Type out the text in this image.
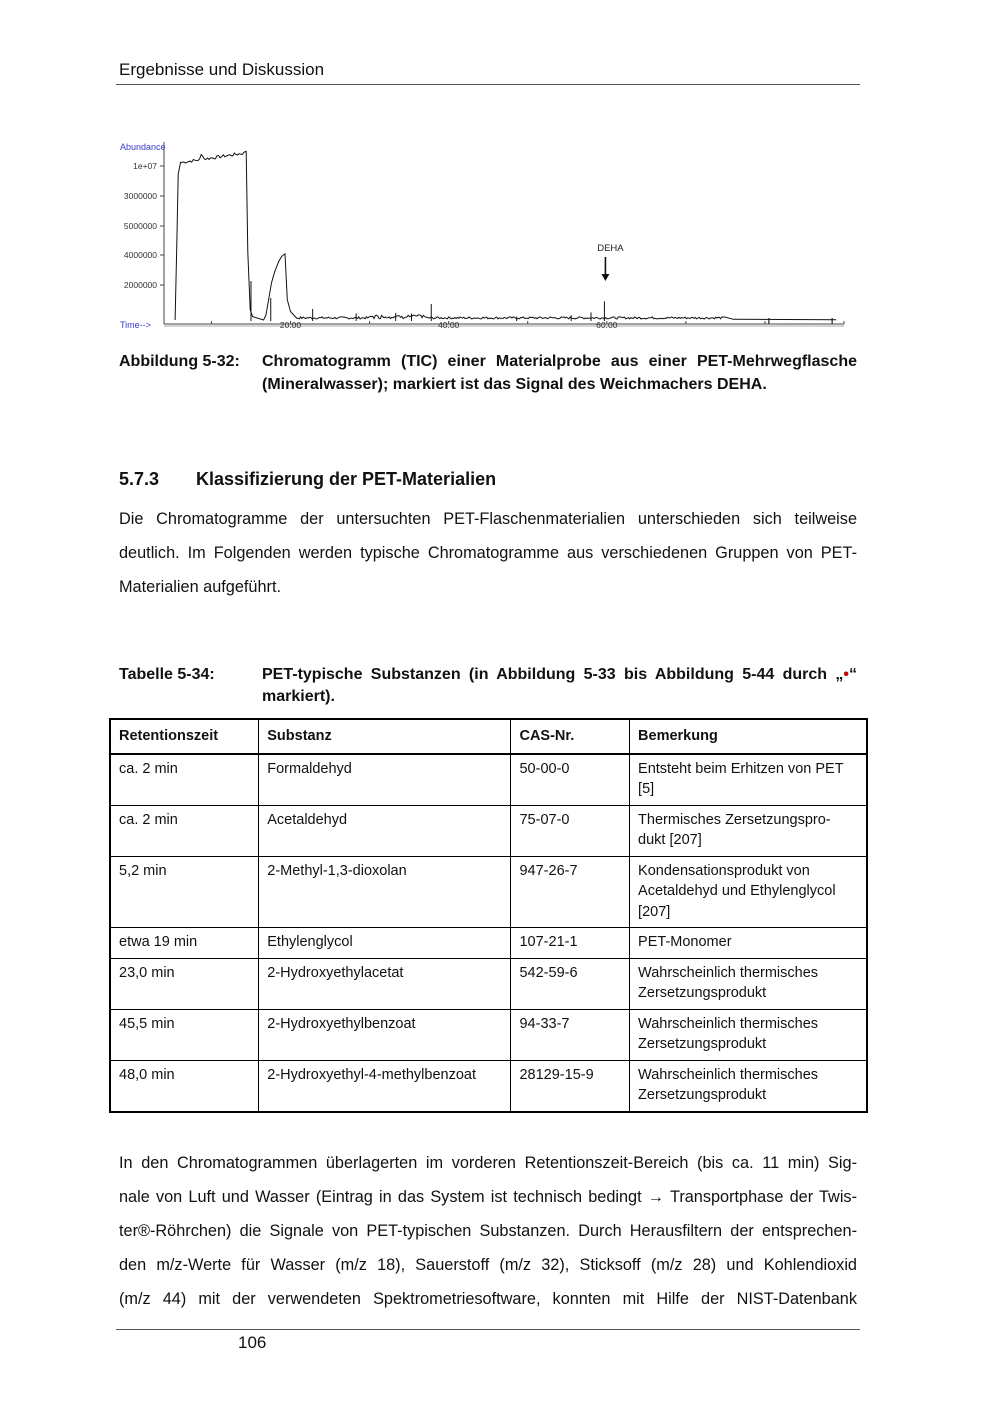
Ergebnisse und Diskussion
Abundance
Time-->
1e+07
3000000
5000000
4000000
2000000
20.00	40.00	60.00
DEHA
Abbildung 5-32:	Chromatogramm (TIC) einer Materialprobe aus einer PET-Mehrwegflasche (Mineralwasser); markiert ist das Signal des Weichmachers DEHA.
5.7.3 Klassifizierung der PET-Materialien
Die Chromatogramme der untersuchten PET-Flaschenmaterialien unterschieden sich teilweise
deutlich. Im Folgenden werden typische Chromatogramme aus verschiedenen Gruppen von PET-
Materialien aufgeführt.
Tabelle 5-34:	PET-typische Substanzen (in Abbildung 5-33 bis Abbildung 5-44 durch „•“
markiert).
Retentionszeit	Substanz	CAS-Nr.	Bemerkung
ca. 2 min	Formaldehyd	50-00-0	Entsteht beim Erhitzen von PET [5]
ca. 2 min	Acetaldehyd	75-07-0	Thermisches Zersetzungspro-dukt [207]
5,2 min	2-Methyl-1,3-dioxolan	947-26-7	Kondensationsprodukt von Acetaldehyd und Ethylenglycol [207]
etwa 19 min	Ethylenglycol	107-21-1	PET-Monomer
23,0 min	2-Hydroxyethylacetat	542-59-6	Wahrscheinlich thermisches Zersetzungsprodukt
45,5 min	2-Hydroxyethylbenzoat	94-33-7	Wahrscheinlich thermisches Zersetzungsprodukt
48,0 min	2-Hydroxyethyl-4-methylbenzoat	28129-15-9	Wahrscheinlich thermisches Zersetzungsprodukt
In den Chromatogrammen überlagerten im vorderen Retentionszeit-Bereich (bis ca. 11 min) Sig-
nale von Luft und Wasser (Eintrag in das System ist technisch bedingt → Transportphase der Twis-
ter®-Röhrchen) die Signale von PET-typischen Substanzen. Durch Herausfiltern der entsprechen-
den m/z-Werte für Wasser (m/z 18), Sauerstoff (m/z 32), Sticksoff (m/z 28) und Kohlendioxid
(m/z 44) mit der verwendeten Spektrometriesoftware, konnten mit Hilfe der NIST-Datenbank
106
